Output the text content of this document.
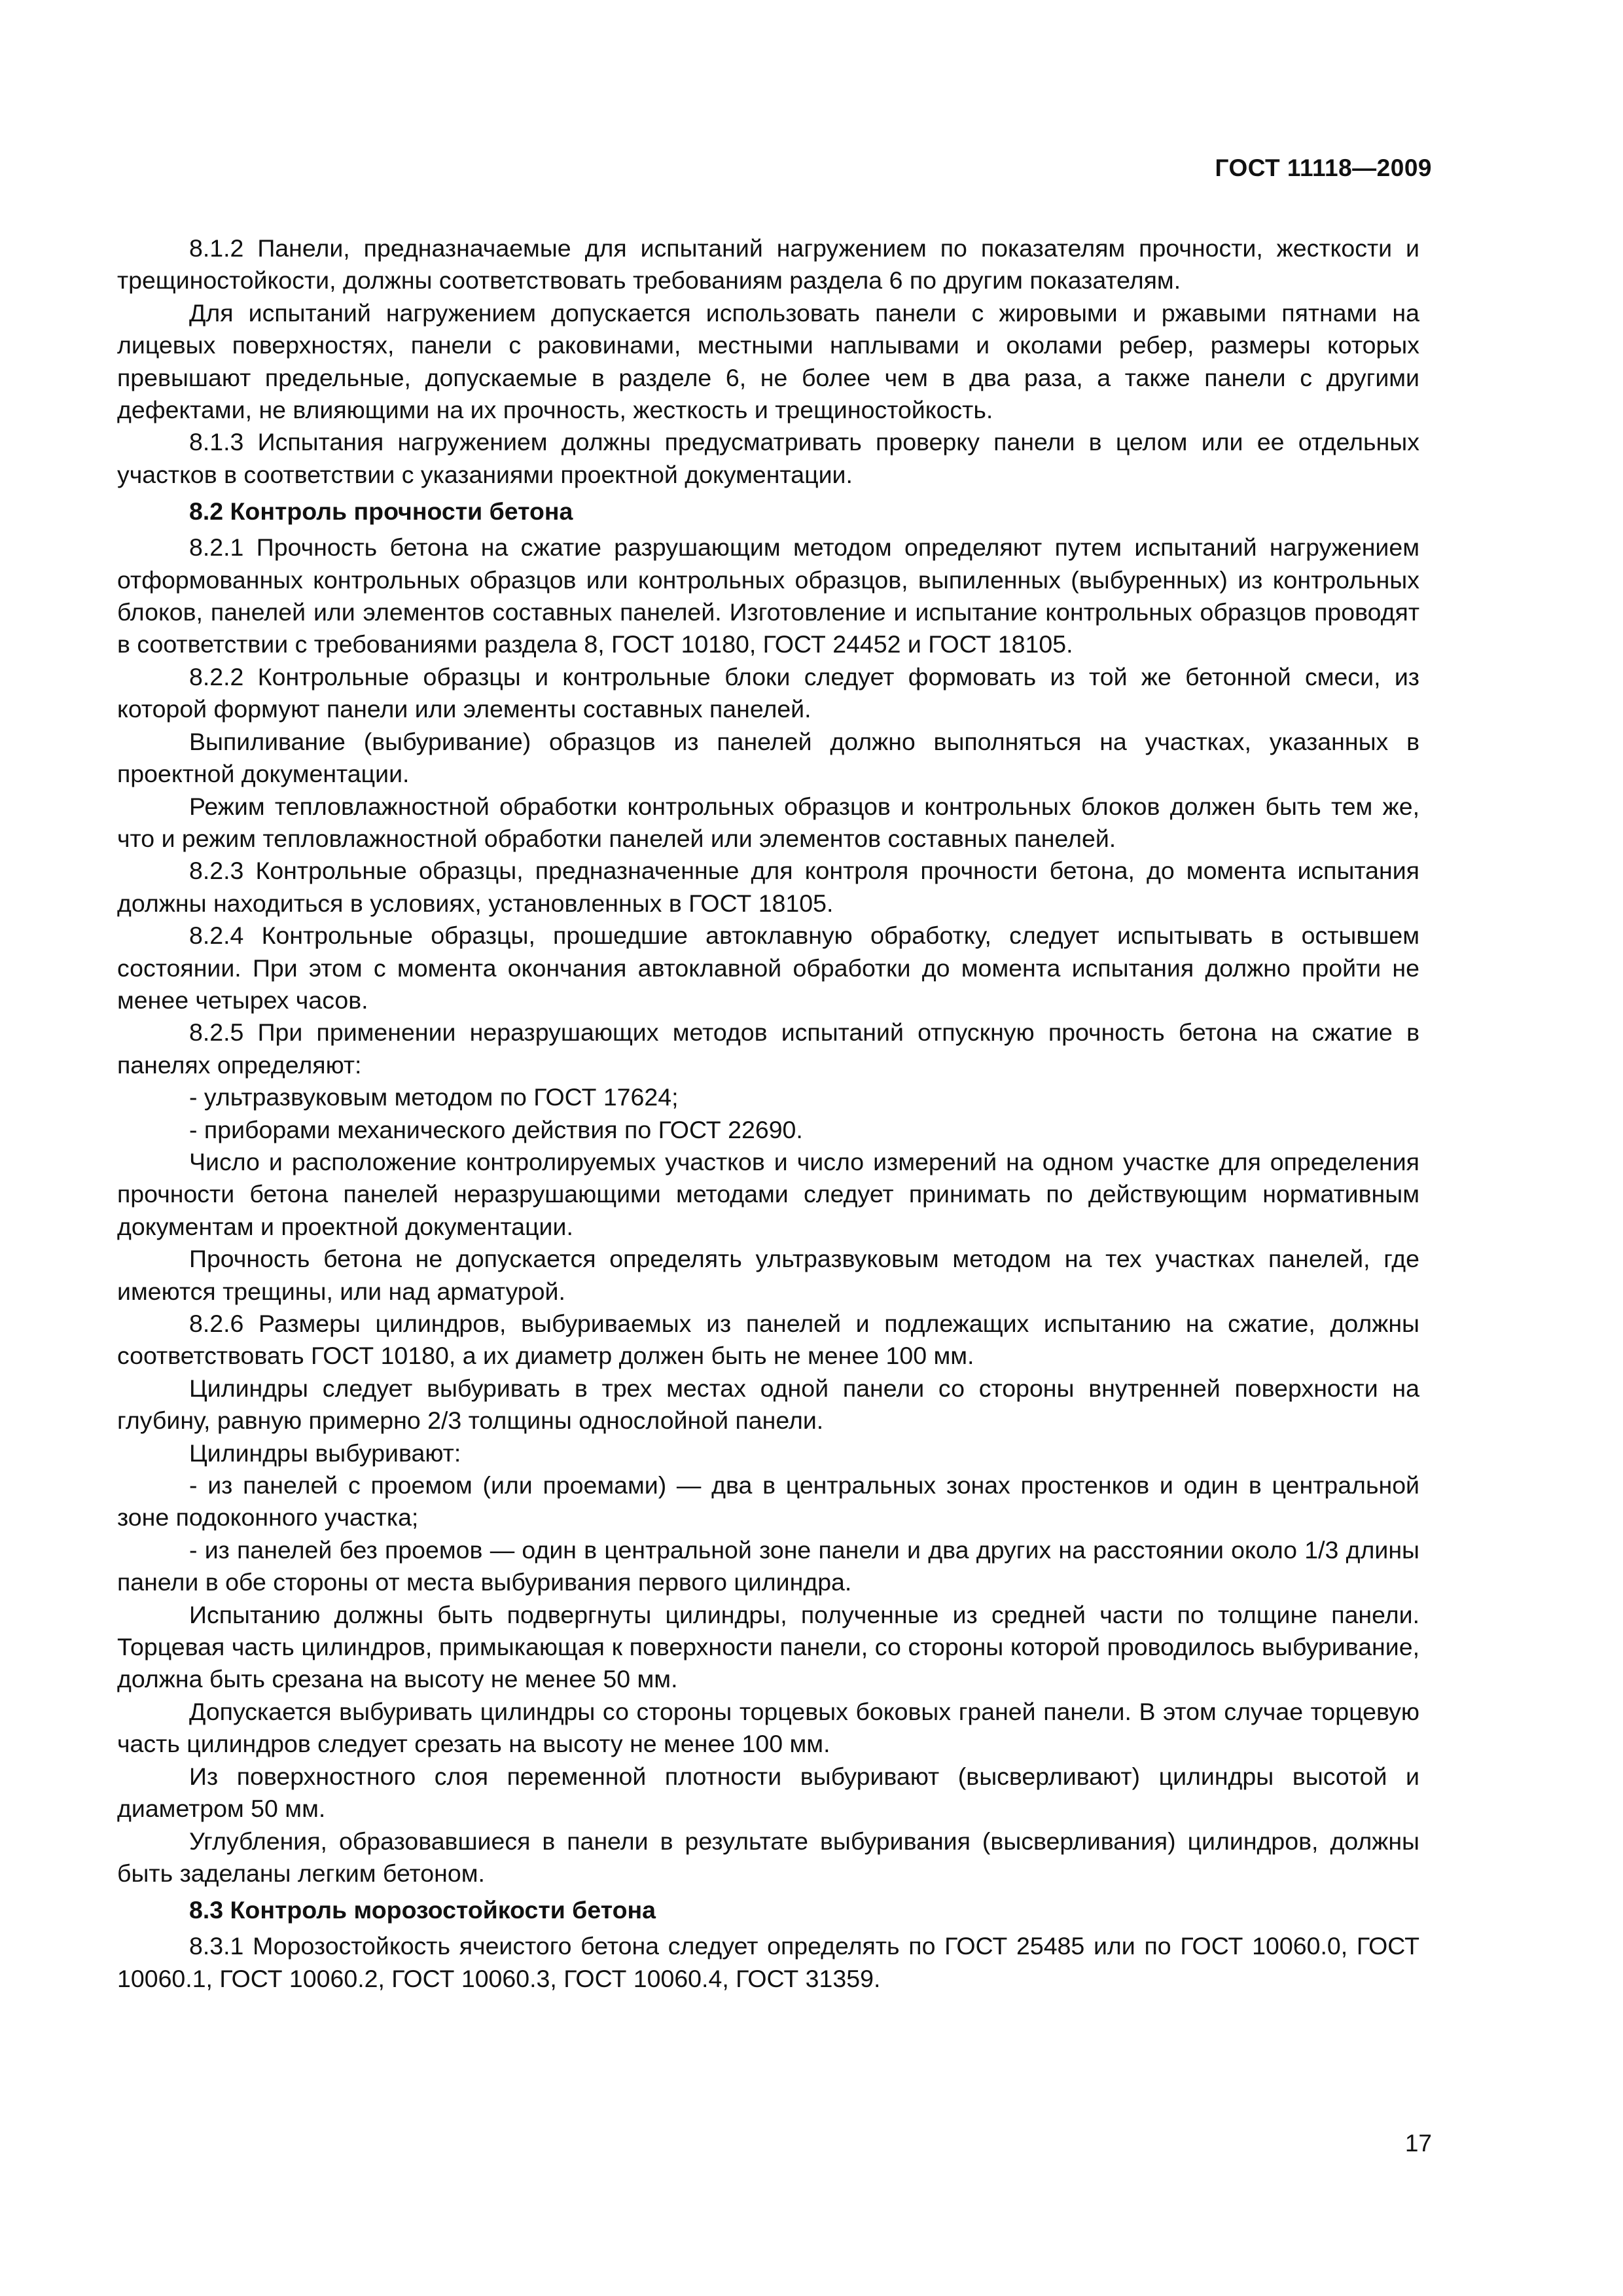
ГОСТ 11118—2009

8.1.2 Панели, предназначаемые для испытаний нагружением по показателям прочности, жесткости и трещиностойкости, должны соответствовать требованиям раздела 6 по другим показателям.

Для испытаний нагружением допускается использовать панели с жировыми и ржавыми пятнами на лицевых поверхностях, панели с раковинами, местными наплывами и околами ребер, размеры которых превышают предельные, допускаемые в разделе 6, не более чем в два раза, а также панели с другими дефектами, не влияющими на их прочность, жесткость и трещиностойкость.

8.1.3 Испытания нагружением должны предусматривать проверку панели в целом или ее отдельных участков в соответствии с указаниями проектной документации.

8.2 Контроль прочности бетона

8.2.1 Прочность бетона на сжатие разрушающим методом определяют путем испытаний нагружением отформованных контрольных образцов или контрольных образцов, выпиленных (выбуренных) из контрольных блоков, панелей или элементов составных панелей. Изготовление и испытание контрольных образцов проводят в соответствии с требованиями раздела 8, ГОСТ 10180, ГОСТ 24452 и ГОСТ 18105.

8.2.2 Контрольные образцы и контрольные блоки следует формовать из той же бетонной смеси, из которой формуют панели или элементы составных панелей.

Выпиливание (выбуривание) образцов из панелей должно выполняться на участках, указанных в проектной документации.

Режим тепловлажностной обработки контрольных образцов и контрольных блоков должен быть тем же, что и режим тепловлажностной обработки панелей или элементов составных панелей.

8.2.3 Контрольные образцы, предназначенные для контроля прочности бетона, до момента испытания должны находиться в условиях, установленных в ГОСТ 18105.

8.2.4 Контрольные образцы, прошедшие автоклавную обработку, следует испытывать в остывшем состоянии. При этом с момента окончания автоклавной обработки до момента испытания должно пройти не менее четырех часов.

8.2.5 При применении неразрушающих методов испытаний отпускную прочность бетона на сжатие в панелях определяют:

- ультразвуковым методом по ГОСТ 17624;

- приборами механического действия по ГОСТ 22690.

Число и расположение контролируемых участков и число измерений на одном участке для определения прочности бетона панелей неразрушающими методами следует принимать по действующим нормативным документам и проектной документации.

Прочность бетона не допускается определять ультразвуковым методом на тех участках панелей, где имеются трещины, или над арматурой.

8.2.6 Размеры цилиндров, выбуриваемых из панелей и подлежащих испытанию на сжатие, должны соответствовать ГОСТ 10180, а их диаметр должен быть не менее 100 мм.

Цилиндры следует выбуривать в трех местах одной панели со стороны внутренней поверхности на глубину, равную примерно 2/3 толщины однослойной панели.

Цилиндры выбуривают:

- из панелей с проемом (или проемами) — два в центральных зонах простенков и один в центральной зоне подоконного участка;

- из панелей без проемов — один в центральной зоне панели и два других на расстоянии около 1/3 длины панели в обе стороны от места выбуривания первого цилиндра.

Испытанию должны быть подвергнуты цилиндры, полученные из средней части по толщине панели. Торцевая часть цилиндров, примыкающая к поверхности панели, со стороны которой проводилось выбуривание, должна быть срезана на высоту не менее 50 мм.

Допускается выбуривать цилиндры со стороны торцевых боковых граней панели. В этом случае торцевую часть цилиндров следует срезать на высоту не менее 100 мм.

Из поверхностного слоя переменной плотности выбуривают (высверливают) цилиндры высотой и диаметром 50 мм.

Углубления, образовавшиеся в панели в результате выбуривания (высверливания) цилиндров, должны быть заделаны легким бетоном.

8.3 Контроль морозостойкости бетона

8.3.1 Морозостойкость ячеистого бетона следует определять по ГОСТ 25485 или по ГОСТ 10060.0, ГОСТ 10060.1, ГОСТ 10060.2, ГОСТ 10060.3, ГОСТ 10060.4, ГОСТ 31359.

17
